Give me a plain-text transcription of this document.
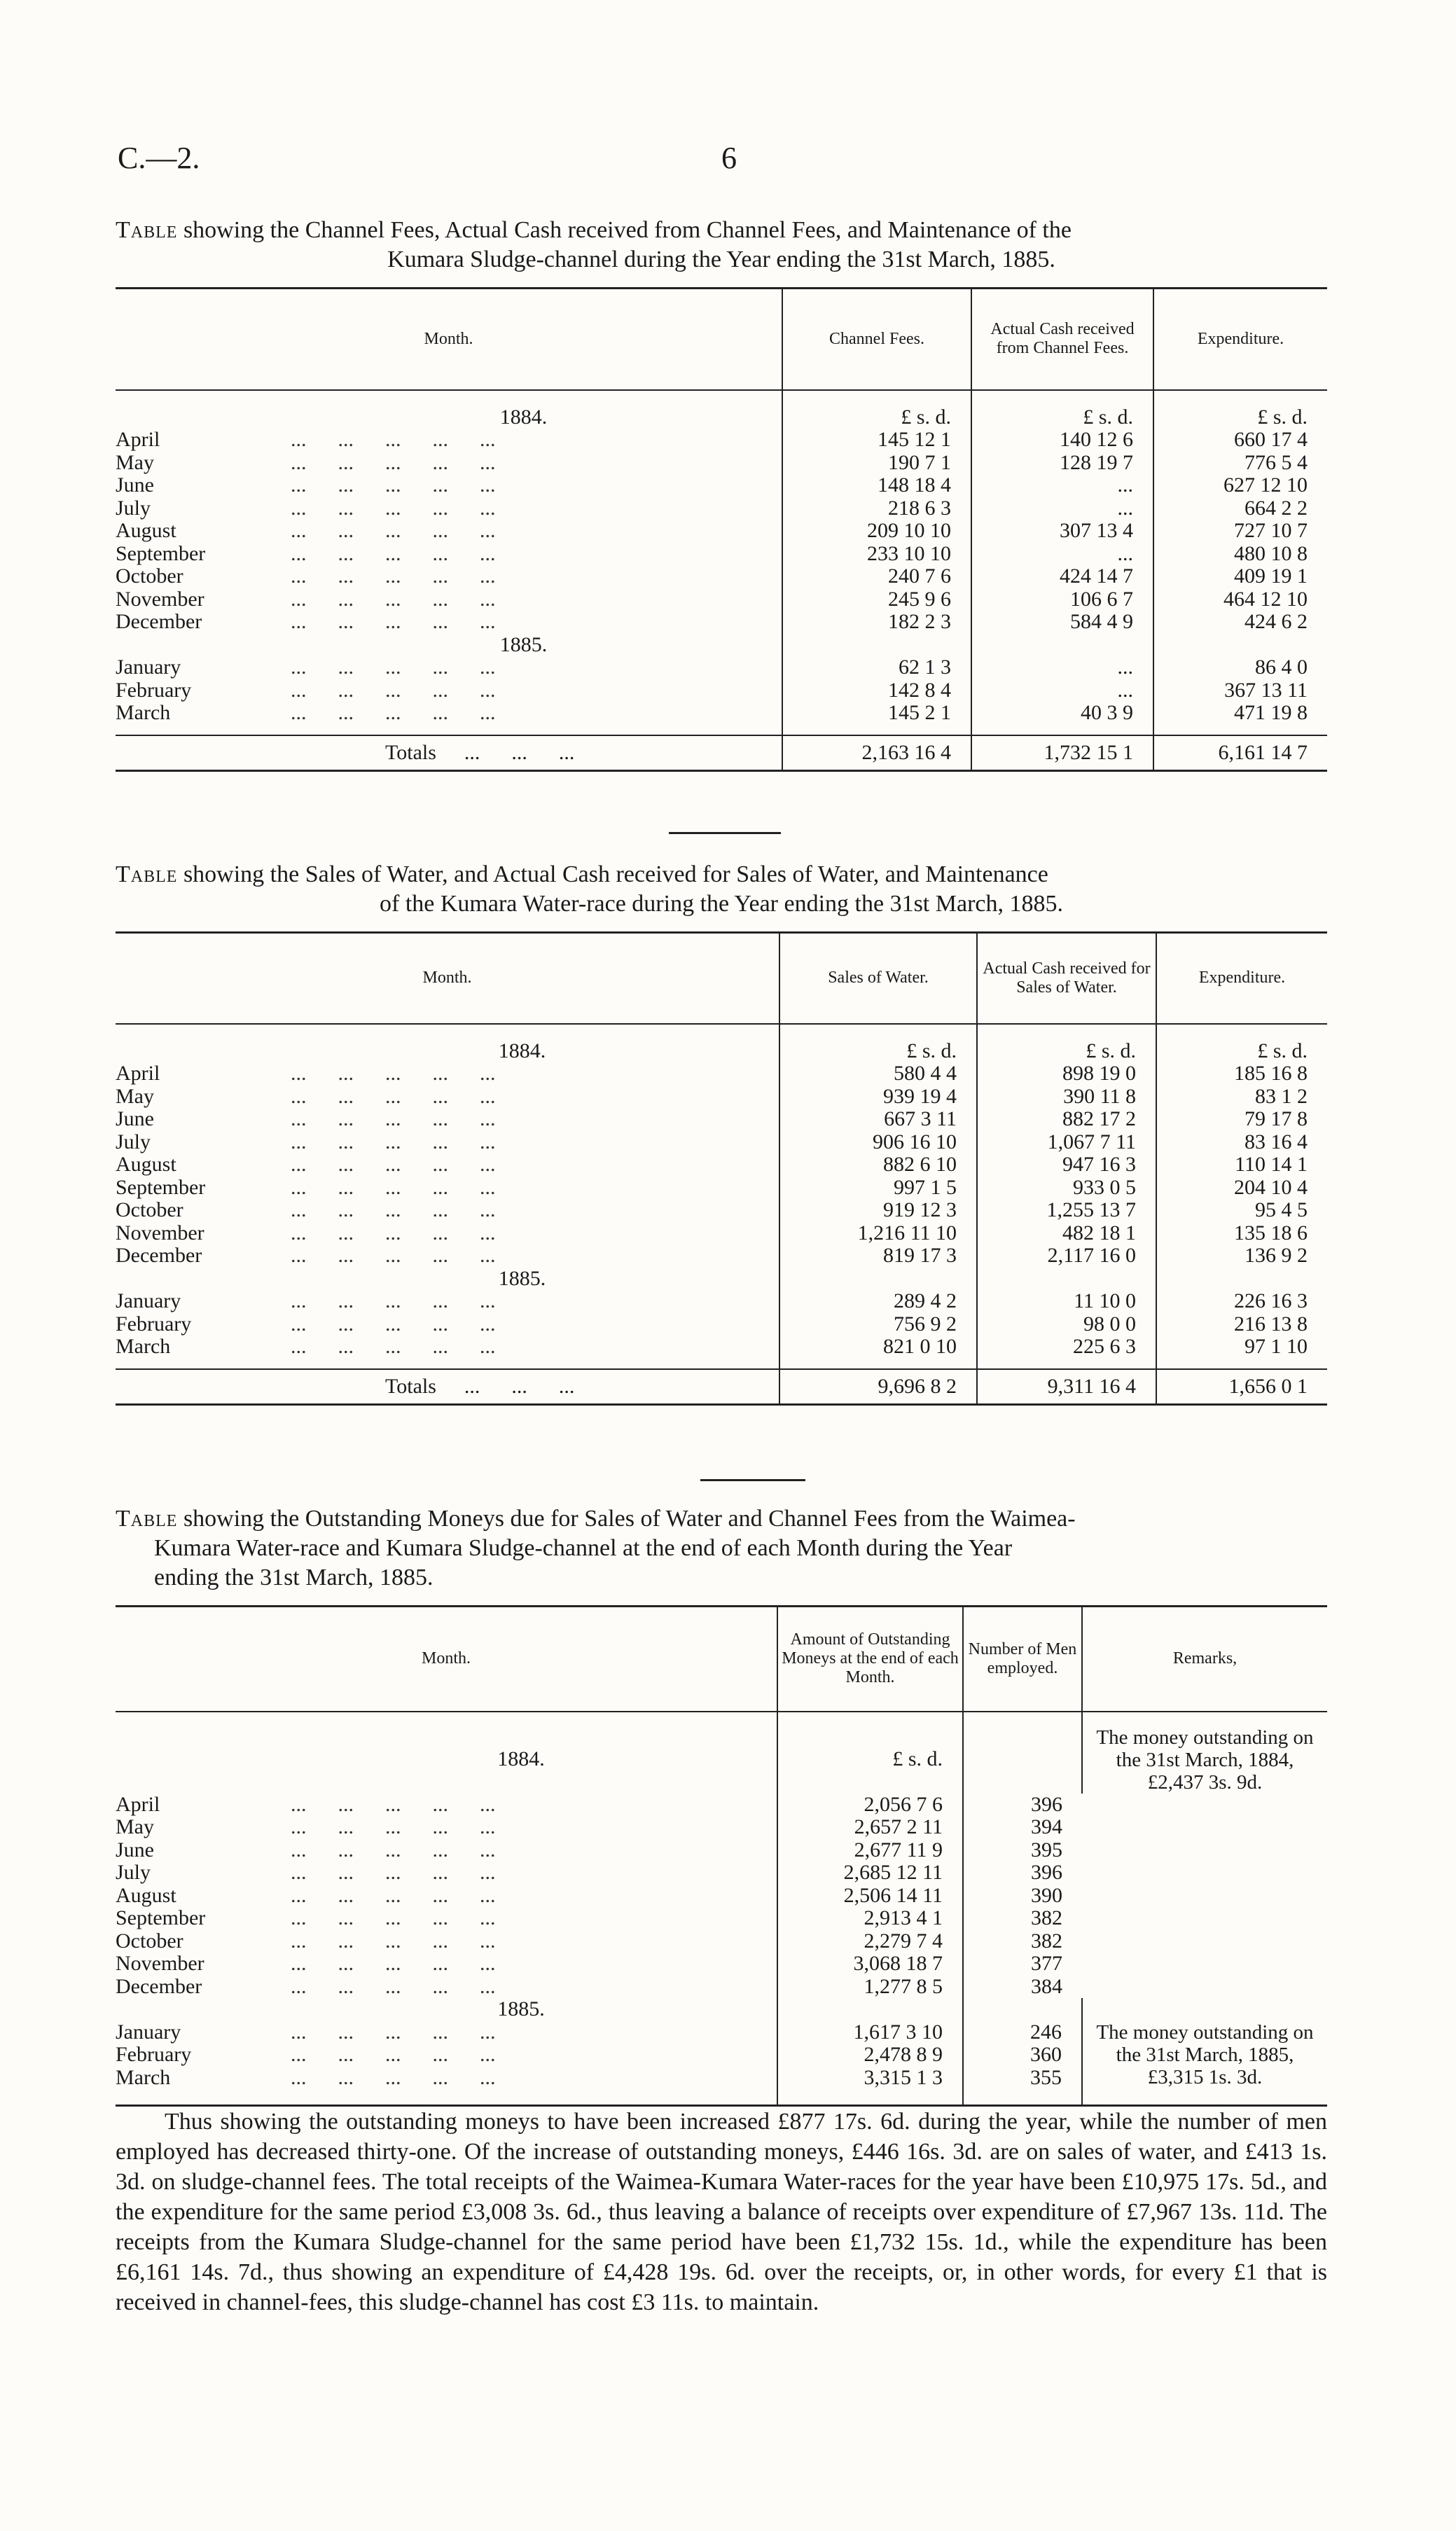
C.—2.	6
Table showing the Channel Fees, Actual Cash received from Channel Fees, and Maintenance of the
Kumara Sludge-channel during the Year ending the 31st March, 1885.
Month.	Channel Fees.	Actual Cash received from Channel Fees.	Expenditure.

1884.	£ s. d.	£ s. d.	£ s. d.
April ...      ...      ...      ...      ...	145 12 1	140 12 6	660 17 4
May ...      ...      ...      ...      ...	190 7 1	128 19 7	776 5 4
June ...      ...      ...      ...      ...	148 18 4	...	627 12 10
July ...      ...      ...      ...      ...	218 6 3	...	664 2 2
August ...      ...      ...      ...      ...	209 10 10	307 13 4	727 10 7
September ...      ...      ...      ...      ...	233 10 10	...	480 10 8
October ...      ...      ...      ...      ...	240 7 6	424 14 7	409 19 1
November ...      ...      ...      ...      ...	245 9 6	106 6 7	464 12 10
December ...      ...      ...      ...      ...	182 2 3	584 4 9	424 6 2
1885.			
January ...      ...      ...      ...      ...	62 1 3	...	86 4 0
February ...      ...      ...      ...      ...	142 8 4	...	367 13 11
March ...      ...      ...      ...      ...	145 2 1	40 3 9	471 19 8

Totals ...      ...      ...	2,163 16 4	1,732 15 1	6,161 14 7
Table showing the Sales of Water, and Actual Cash received for Sales of Water, and Maintenance
of the Kumara Water-race during the Year ending the 31st March, 1885.
Month.	Sales of Water.	Actual Cash received for Sales of Water.	Expenditure.

1884.	£ s. d.	£ s. d.	£ s. d.
April ...      ...      ...      ...      ...	580 4 4	898 19 0	185 16 8
May ...      ...      ...      ...      ...	939 19 4	390 11 8	83 1 2
June ...      ...      ...      ...      ...	667 3 11	882 17 2	79 17 8
July ...      ...      ...      ...      ...	906 16 10	1,067 7 11	83 16 4
August ...      ...      ...      ...      ...	882 6 10	947 16 3	110 14 1
September ...      ...      ...      ...      ...	997 1 5	933 0 5	204 10 4
October ...      ...      ...      ...      ...	919 12 3	1,255 13 7	95 4 5
November ...      ...      ...      ...      ...	1,216 11 10	482 18 1	135 18 6
December ...      ...      ...      ...      ...	819 17 3	2,117 16 0	136 9 2
1885.			
January ...      ...      ...      ...      ...	289 4 2	11 10 0	226 16 3
February ...      ...      ...      ...      ...	756 9 2	98 0 0	216 13 8
March ...      ...      ...      ...      ...	821 0 10	225 6 3	97 1 10

Totals ...      ...      ...	9,696 8 2	9,311 16 4	1,656 0 1
Table showing the Outstanding Moneys due for Sales of Water and Channel Fees from the Waimea-
Kumara Water-race and Kumara Sludge-channel at the end of each Month during the Year
ending the 31st March, 1885.
Month.	Amount of Outstanding Moneys at the end of each Month.	Number of Men employed.	Remarks,

1884.	£ s. d.		The money outstanding on the 31st March, 1884, £2,437 3s. 9d.
April ...      ...      ...      ...      ...	2,056 7 6	396	
May ...      ...      ...      ...      ...	2,657 2 11	394	
June ...      ...      ...      ...      ...	2,677 11 9	395	
July ...      ...      ...      ...      ...	2,685 12 11	396	
August ...      ...      ...      ...      ...	2,506 14 11	390	
September ...      ...      ...      ...      ...	2,913 4 1	382	
October ...      ...      ...      ...      ...	2,279 7 4	382	
November ...      ...      ...      ...      ...	3,068 18 7	377	
December ...      ...      ...      ...      ...	1,277 8 5	384	
1885.			
January ...      ...      ...      ...      ...	1,617 3 10	246	The money outstanding on the 31st March, 1885, £3,315 1s. 3d.
February ...      ...      ...      ...      ...	2,478 8 9	360	
March ...      ...      ...      ...      ...	3,315 1 3	355	

Thus showing the outstanding moneys to have been increased £877 17s. 6d. during the year, while the number of men employed has decreased thirty-one. Of the increase of outstanding moneys, £446 16s. 3d. are on sales of water, and £413 1s. 3d. on sludge-channel fees. The total receipts of the Waimea-Kumara Water-races for the year have been £10,975 17s. 5d., and the expenditure for the same period £3,008 3s. 6d., thus leaving a balance of receipts over expenditure of £7,967 13s. 11d. The receipts from the Kumara Sludge-channel for the same period have been £1,732 15s. 1d., while the expenditure has been £6,161 14s. 7d., thus showing an expenditure of £4,428 19s. 6d. over the receipts, or, in other words, for every £1 that is received in channel-fees, this sludge-channel has cost £3 11s. to maintain.
